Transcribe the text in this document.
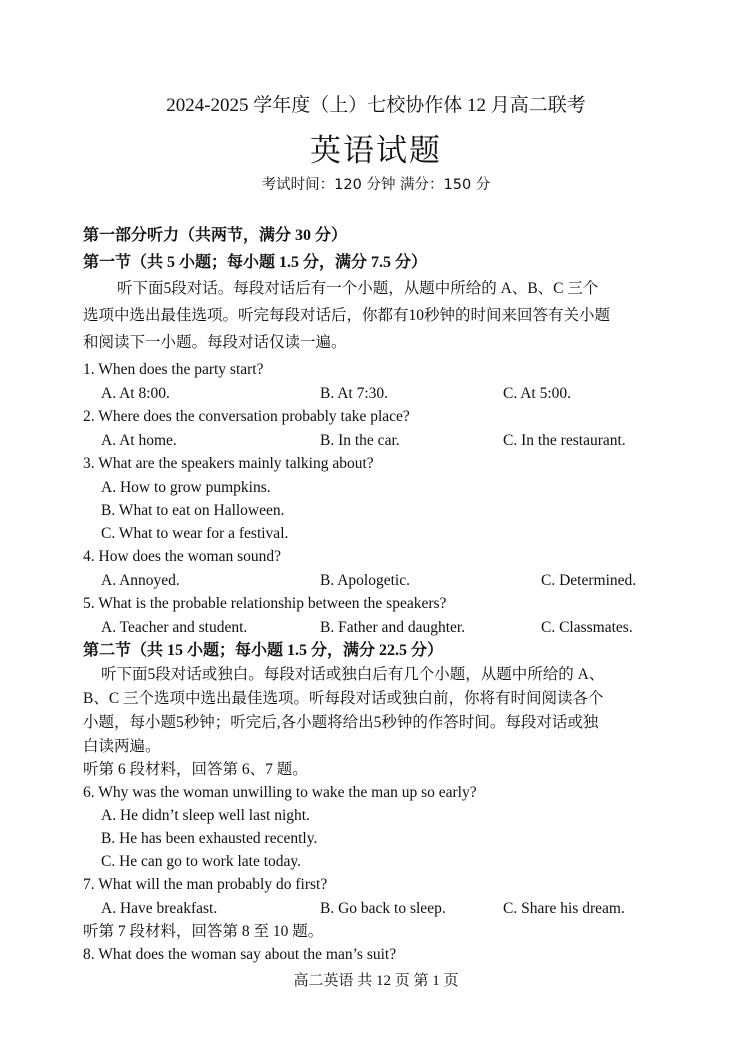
2024-2025 学年度（上）七校协作体 12 月高二联考
英语试题
考试时间：120 分钟 满分：150 分
第一部分听力（共两节，满分 30 分）
第一节（共 5 小题；每小题 1.5 分，满分 7.5 分）
听下面5段对话。每段对话后有一个小题，从题中所给的 A、B、C 三个
选项中选出最佳选项。听完每段对话后，你都有10秒钟的时间来回答有关小题
和阅读下一小题。每段对话仅读一遍。
1. When does the party start?
A. At 8:00.	B. At 7:30.	C. At 5:00.
2. Where does the conversation probably take place?
A. At home.	B. In the car.	C. In the restaurant.
3. What are the speakers mainly talking about?
A. How to grow pumpkins.
B. What to eat on Halloween.
C. What to wear for a festival.
4. How does the woman sound?
A. Annoyed.	B. Apologetic.	C. Determined.
5. What is the probable relationship between the speakers?
A. Teacher and student.	B. Father and daughter.	C. Classmates.
第二节（共 15 小题；每小题 1.5 分，满分 22.5 分）
听下面5段对话或独白。每段对话或独白后有几个小题，从题中所给的 A、
B、C 三个选项中选出最佳选项。听每段对话或独白前，你将有时间阅读各个
小题，每小题5秒钟；听完后,各小题将给出5秒钟的作答时间。每段对话或独
白读两遍。
听第 6 段材料，回答第 6、7 题。
6. Why was the woman unwilling to wake the man up so early?
A. He didn’t sleep well last night.
B. He has been exhausted recently.
C. He can go to work late today.
7. What will the man probably do first?
A. Have breakfast.	B. Go back to sleep.	C. Share his dream.
听第 7 段材料，回答第 8 至 10 题。
8. What does the woman say about the man’s suit?
高二英语 共 12 页 第 1 页
